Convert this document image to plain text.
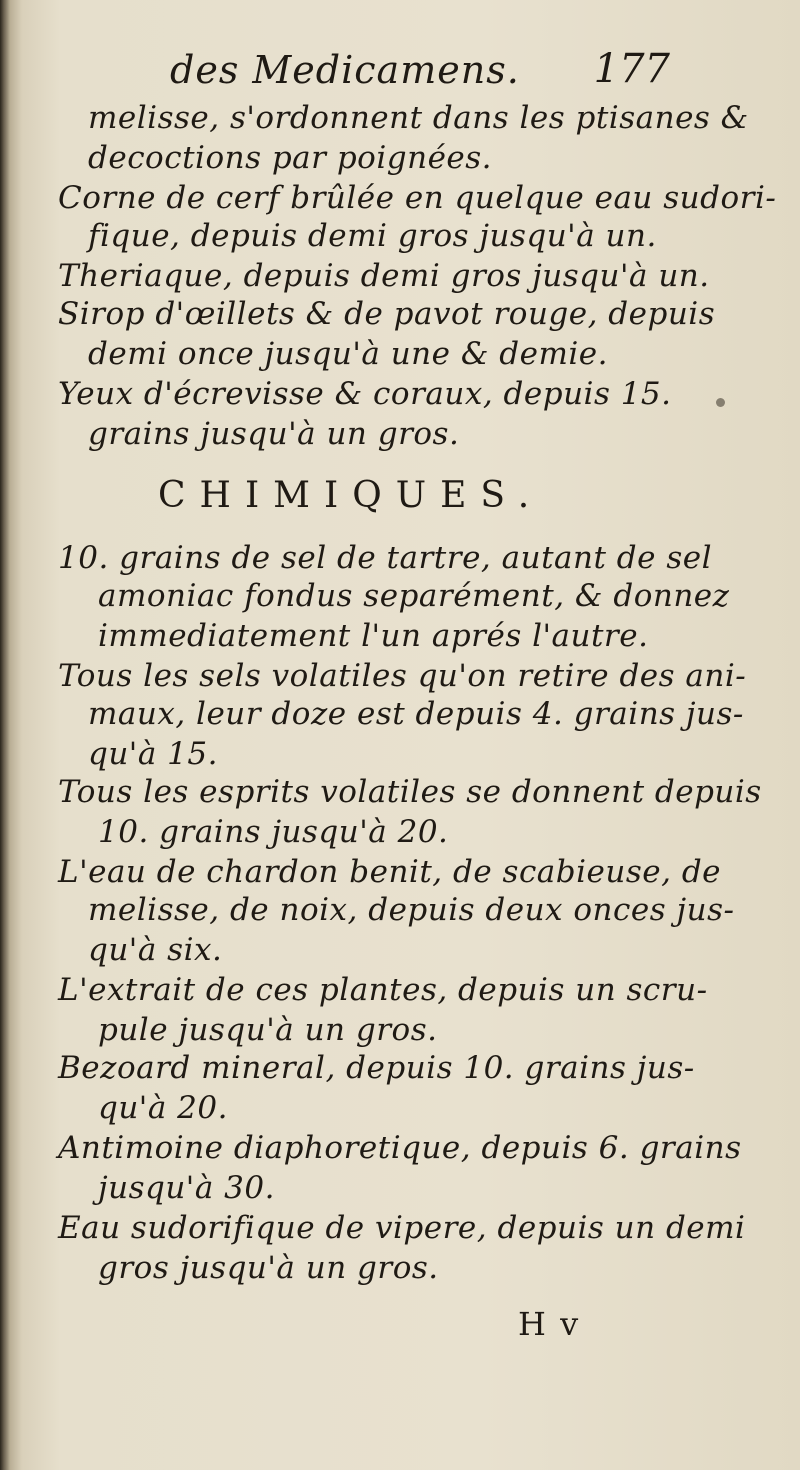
des Medicamens. 177
melisse, s'ordonnent dans les ptisanes &
decoctions par poignées.
Corne de cerf brûlée en quelque eau sudori-
fique, depuis demi gros jusqu'à un.
Theriaque, depuis demi gros jusqu'à un.
Sirop d'œillets & de pavot rouge, depuis
demi once jusqu'à une & demie.
Yeux d'écrevisse & coraux, depuis 15.
grains jusqu'à un gros.
CHIMIQUES.
10. grains de sel de tartre, autant de sel
amoniac fondus separément, & donnez
immediatement l'un aprés l'autre.
Tous les sels volatiles qu'on retire des ani-
maux, leur doze est depuis 4. grains jus-
qu'à 15.
Tous les esprits volatiles se donnent depuis
10. grains jusqu'à 20.
L'eau de chardon benit, de scabieuse, de
melisse, de noix, depuis deux onces jus-
qu'à six.
L'extrait de ces plantes, depuis un scru-
pule jusqu'à un gros.
Bezoard mineral, depuis 10. grains jus-
qu'à 20.
Antimoine diaphoretique, depuis 6. grains
jusqu'à 30.
Eau sudorifique de vipere, depuis un demi
gros jusqu'à un gros.
H v
